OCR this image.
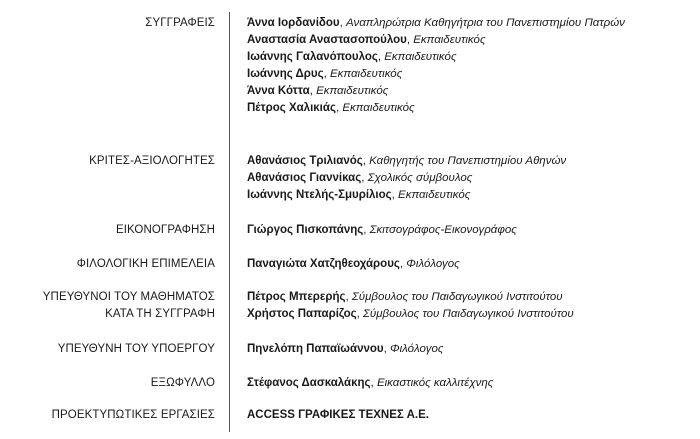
ΣΥΓΓΡΑΦΕΙΣ	Άννα Ιορδανίδου, Αναπληρώτρια Καθηγήτρια του Πανεπιστημίου Πατρών
Αναστασία Αναστασοπούλου, Εκπαιδευτικός
Ιωάννης Γαλανόπουλος, Εκπαιδευτικός
Ιωάννης Δρυς, Εκπαιδευτικός
Άννα Κόττα, Εκπαιδευτικός
Πέτρος Χαλικιάς, Εκπαιδευτικός
ΚΡΙΤΕΣ-ΑΞΙΟΛΟΓΗΤΕΣ	Αθανάσιος Τριλιανός, Καθηγητής του Πανεπιστημίου Αθηνών
Αθανάσιος Γιαννίκας, Σχολικός σύμβουλος
Ιωάννης Ντελής-Σμυρίλιος, Εκπαιδευτικός
ΕΙΚΟΝΟΓΡΑΦΗΣΗ	Γιώργος Πισκοπάνης, Σκιτσογράφος-Εικονογράφος
ΦΙΛΟΛΟΓΙΚΗ ΕΠΙΜΕΛΕΙΑ	Παναγιώτα Χατζηθεοχάρους, Φιλόλογος
ΥΠΕΥΘΥΝΟΙ ΤΟΥ ΜΑΘΗΜΑΤΟΣ
ΚΑΤΑ ΤΗ ΣΥΓΓΡΑΦΗ
Πέτρος Μπερερής, Σύμβουλος του Παιδαγωγικού Ινστιτούτου
Χρήστος Παπαρίζος, Σύμβουλος του Παιδαγωγικού Ινστιτούτου
ΥΠΕΥΘΥΝΗ ΤΟΥ ΥΠΟΕΡΓΟΥ	Πηνελόπη Παπαϊωάννου, Φιλόλογος
ΕΞΩΦΥΛΛΟ	Στέφανος Δασκαλάκης, Εικαστικός καλλιτέχνης
ΠΡΟΕΚΤΥΠΩΤΙΚΕΣ ΕΡΓΑΣΙΕΣ	ACCESS ΓΡΑΦΙΚΕΣ ΤΕΧΝΕΣ Α.Ε.
